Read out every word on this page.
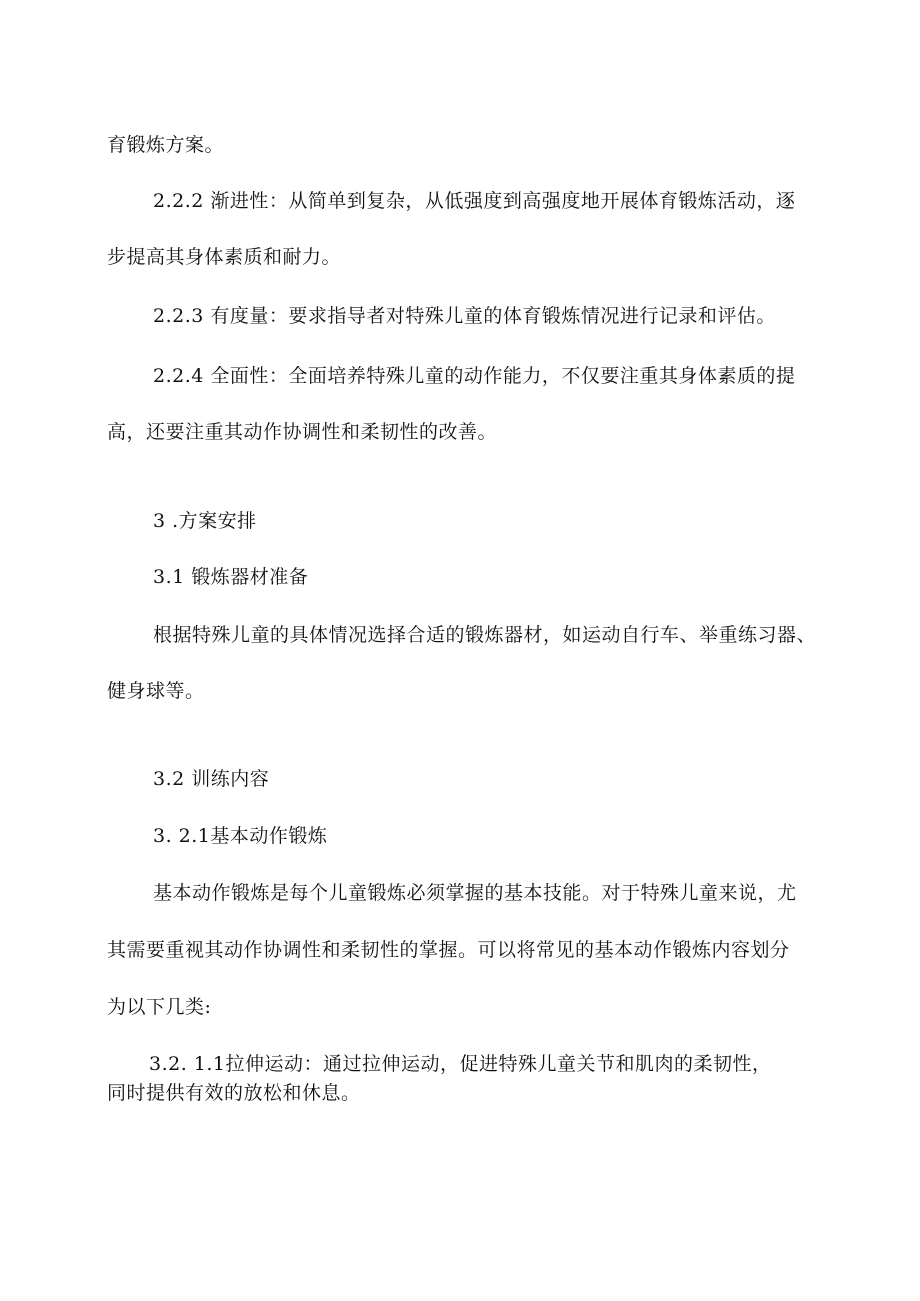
育锻炼方案。
2.2.2 渐进性：从简单到复杂，从低强度到高强度地开展体育锻炼活动，逐
步提高其身体素质和耐力。
2.2.3 有度量：要求指导者对特殊儿童的体育锻炼情况进行记录和评估。
2.2.4 全面性：全面培养特殊儿童的动作能力，不仅要注重其身体素质的提
高，还要注重其动作协调性和柔韧性的改善。
3 .方案安排
3.1 锻炼器材准备
根据特殊儿童的具体情况选择合适的锻炼器材，如运动自行车、举重练习器、
健身球等。
3.2 训练内容
3. 2.1基本动作锻炼
基本动作锻炼是每个儿童锻炼必须掌握的基本技能。对于特殊儿童来说，尤
其需要重视其动作协调性和柔韧性的掌握。可以将常见的基本动作锻炼内容划分
为以下几类:
3.2. 1.1拉伸运动：通过拉伸运动，促进特殊儿童关节和肌肉的柔韧性，
同时提供有效的放松和休息。
